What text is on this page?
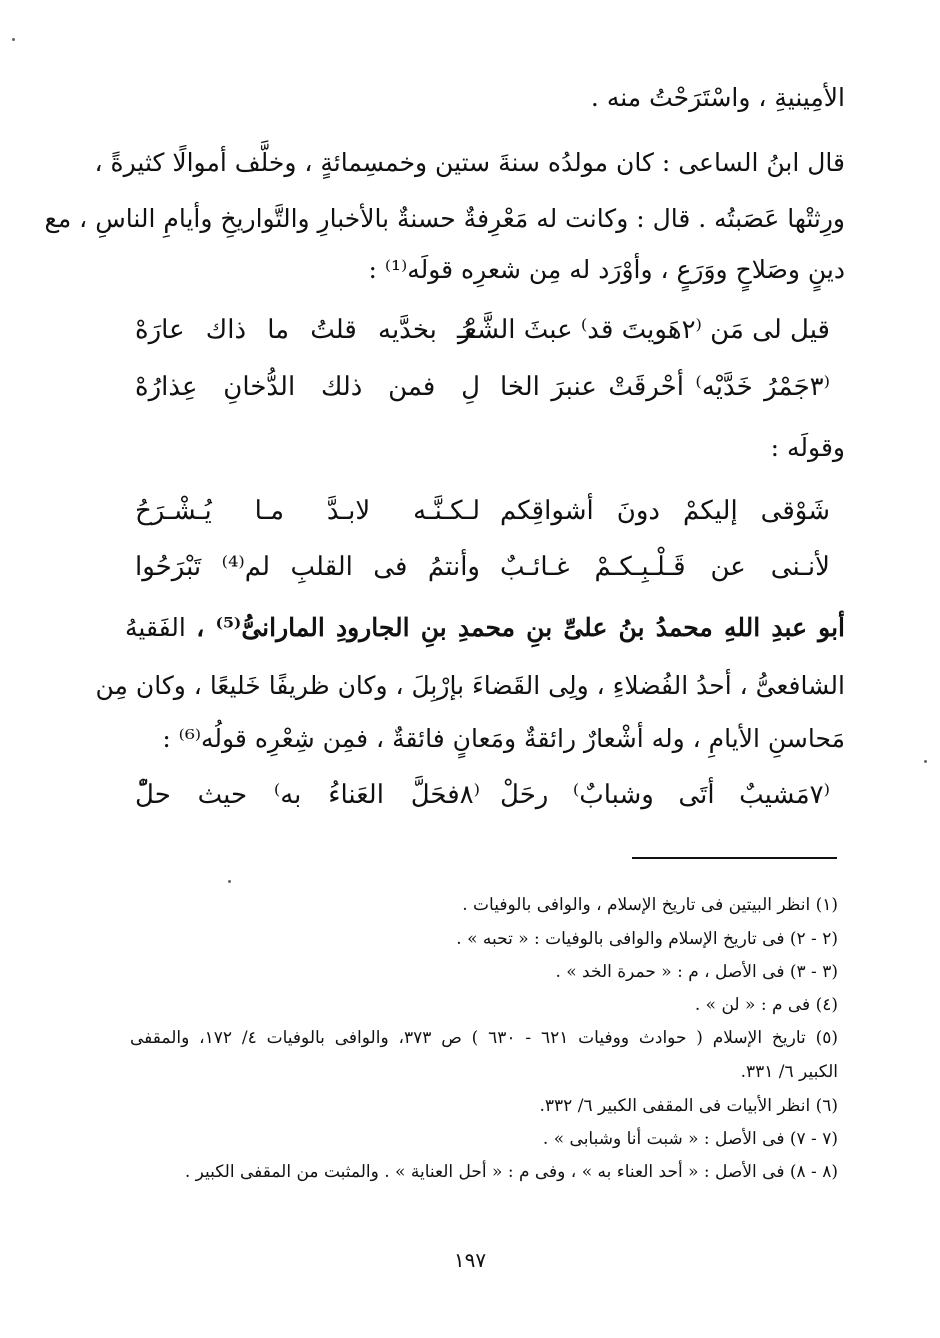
الأمِينيةِ ، واسْتَرَحْتُ منه .
قال ابنُ الساعى : كان مولدُه سنةَ ستين وخمسِمائةٍ ، وخلَّف أموالًا كثيرةً ،
ورِثتْها عَصَبتُه . قال : وكانت له مَعْرِفةٌ حسنةٌ بالأخبارِ والتَّواريخِ وأيامِ الناسِ ، مع
دينٍ وصَلاحٍ ووَرَعٍ ، وأوْرَد له مِن شعرِه قولَه⁽¹⁾ :
قيل لى مَن ⁽٢هَويتَ قد⁾ عبثَ الشَّعْـ
ـرُ بخدَّيه قلتُ ما ذاك عارَهْ
⁽٣جَمْرُ خَدَّيْه⁾ أحْرقَتْ عنبرَ الخا
لِ فمن ذلك الدُّخانِ عِذارُهْ
وقولَه :
شَوْقى إليكمْ دونَ أشواقِكم
لـكـنَّـه لابـدَّ مـا يُـشْـرَحُ
لأنـنى عن قَـلْـبِـكـمْ غـائـبٌ
وأنتمُ فى القلبِ لم⁽⁴⁾ تَبْرَحُوا
أبو عبدِ اللهِ محمدُ بنُ علىِّ بنِ محمدِ بنِ الجارودِ المارانىُّ⁽⁵⁾ ، الفَقيهُ
الشافعىُّ ، أحدُ الفُضلاءِ ، ولِى القَضاءَ بإرْبِلَ ، وكان ظريفًا خَليعًا ، وكان مِن
مَحاسنِ الأيامِ ، وله أشْعارٌ رائقةٌ ومَعانٍ فائقةٌ ، فمِن شِعْرِه قولُه⁽⁶⁾ :
⁽٧مَشيبٌ أتَى وشبابٌ⁾ رحَلْ
⁽٨فحَلَّ العَناءُ به⁾ حيث حلّْ
(١) انظر البيتين فى تاريخ الإسلام ، والوافى بالوفيات .
(٢ - ٢) فى تاريخ الإسلام والوافى بالوفيات : « تحبه » .
(٣ - ٣) فى الأصل ، م : « حمرة الخد » .
(٤) فى م : « لن » .
(٥) تاريخ الإسلام ( حوادث ووفيات ٦٢١ - ٦٣٠ ) ص ٣٧٣، والوافى بالوفيات ٤/ ١٧٢، والمقفى
الكبير ٦/ ٣٣١.
(٦) انظر الأبيات فى المقفى الكبير ٦/ ٣٣٢.
(٧ - ٧) فى الأصل : « شبت أنا وشبابى » .
(٨ - ٨) فى الأصل : « أحد العناء به » ، وفى م : « أحل العناية » . والمثبت من المقفى الكبير .
١٩٧
